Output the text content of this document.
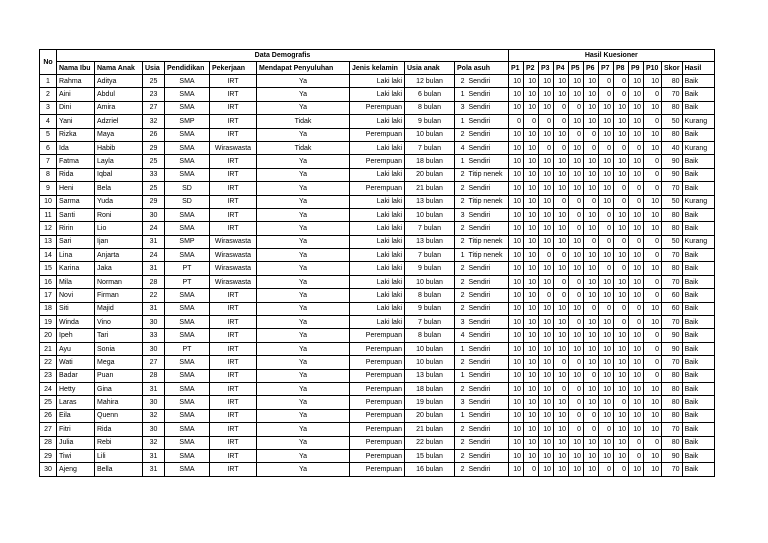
No	Data Demografis										Hasil Kuesioner											
	Nama Ibu	Nama Anak	Usia	Pendidikan	Pekerjaan	Mendapat Penyuluhan	Jenis kelamin	Usia anak	Pola asuh		P1	P2	P3	P4	P5	P6	P7	P8	P9	P10	Skor	Hasil
1	Rahma	Aditya	25	SMA	IRT	Ya	Laki laki	12 bulan	2	Sendiri	10	10	10	10	10	10	0	0	10	10	80	Baik
2	Aini	Abdul	23	SMA	IRT	Ya	Laki laki	6 bulan	1	Sendiri	10	10	10	10	10	10	0	0	10	0	70	Baik
3	Dini	Amira	27	SMA	IRT	Ya	Perempuan	8 bulan	3	Sendiri	10	10	10	0	0	10	10	10	10	10	80	Baik
4	Yani	Adzriel	32	SMP	IRT	Tidak	Laki laki	9 bulan	1	Sendiri	0	0	0	0	10	10	10	10	10	0	50	Kurang
5	Rizka	Maya	26	SMA	IRT	Ya	Perempuan	10 bulan	2	Sendiri	10	10	10	10	0	0	10	10	10	10	80	Baik
6	Ida	Habib	29	SMA	Wiraswasta	Tidak	Laki laki	7 bulan	4	Sendiri	10	10	0	0	10	0	0	0	0	10	40	Kurang
7	Fatma	Layla	25	SMA	IRT	Ya	Perempuan	18 bulan	1	Sendiri	10	10	10	10	10	10	10	10	10	0	90	Baik
8	Rida	Iqbal	33	SMA	IRT	Ya	Laki laki	20 bulan	2	Titip nenek	10	10	10	10	10	10	10	10	10	0	90	Baik
9	Heni	Bela	25	SD	IRT	Ya	Perempuan	21 bulan	2	Sendiri	10	10	10	10	10	10	10	0	0	0	70	Baik
10	Sarma	Yuda	29	SD	IRT	Ya	Laki laki	13 bulan	2	Titip nenek	10	10	10	0	0	0	10	0	0	10	50	Kurang
11	Santi	Roni	30	SMA	IRT	Ya	Laki laki	10 bulan	3	Sendiri	10	10	10	10	0	10	0	10	10	10	80	Baik
12	Ririn	Lio	24	SMA	IRT	Ya	Laki laki	7 bulan	2	Sendiri	10	10	10	10	0	10	0	10	10	10	80	Baik
13	Sari	Ijan	31	SMP	Wiraswasta	Ya	Laki laki	13 bulan	2	Titip nenek	10	10	10	10	10	0	0	0	0	0	50	Kurang
14	Lina	Anjarta	24	SMA	Wiraswasta	Ya	Laki laki	7 bulan	1	Titip nenek	10	10	0	0	10	10	10	10	10	0	70	Baik
15	Karina	Jaka	31	PT	Wiraswasta	Ya	Laki laki	9 bulan	2	Sendiri	10	10	10	10	10	10	0	0	10	10	80	Baik
16	Mila	Norman	28	PT	Wiraswasta	Ya	Laki laki	10 bulan	2	Sendiri	10	10	10	0	0	10	10	10	10	0	70	Baik
17	Novi	Firman	22	SMA	IRT	Ya	Laki laki	8 bulan	2	Sendiri	10	10	0	0	0	10	10	10	10	0	60	Baik
18	Siti	Majid	31	SMA	IRT	Ya	Laki laki	9 bulan	2	Sendiri	10	10	10	10	10	0	0	0	0	10	60	Baik
19	Winda	Vino	30	SMA	IRT	Ya	Laki laki	7 bulan	3	Sendiri	10	10	10	10	0	10	10	0	0	10	70	Baik
20	Ipeh	Tari	33	SMA	IRT	Ya	Perempuan	8 bulan	4	Sendiri	10	10	10	10	10	10	10	10	10	0	90	Baik
21	Ayu	Sonia	30	PT	IRT	Ya	Perempuan	10 bulan	1	Sendiri	10	10	10	10	10	10	10	10	10	0	90	Baik
22	Wati	Mega	27	SMA	IRT	Ya	Perempuan	10 bulan	2	Sendiri	10	10	10	0	0	10	10	10	10	0	70	Baik
23	Badar	Puan	28	SMA	IRT	Ya	Perempuan	13 bulan	1	Sendiri	10	10	10	10	10	0	10	10	10	0	80	Baik
24	Hetty	Gina	31	SMA	IRT	Ya	Perempuan	18 bulan	2	Sendiri	10	10	10	0	0	10	10	10	10	10	80	Baik
25	Laras	Mahira	30	SMA	IRT	Ya	Perempuan	19 bulan	3	Sendiri	10	10	10	10	0	10	10	0	10	10	80	Baik
26	Eila	Quenn	32	SMA	IRT	Ya	Perempuan	20 bulan	1	Sendiri	10	10	10	10	0	0	10	10	10	10	80	Baik
27	Fitri	Rida	30	SMA	IRT	Ya	Perempuan	21 bulan	2	Sendiri	10	10	10	10	0	0	0	10	10	10	70	Baik
28	Julia	Rebi	32	SMA	IRT	Ya	Perempuan	22 bulan	2	Sendiri	10	10	10	10	10	10	10	10	0	0	80	Baik
29	Tiwi	Lili	31	SMA	IRT	Ya	Perempuan	15 bulan	2	Sendiri	10	10	10	10	10	10	10	10	0	10	90	Baik
30	Ajeng	Bella	31	SMA	IRT	Ya	Perempuan	16 bulan	2	Sendiri	10	0	10	10	10	10	0	0	10	10	70	Baik
